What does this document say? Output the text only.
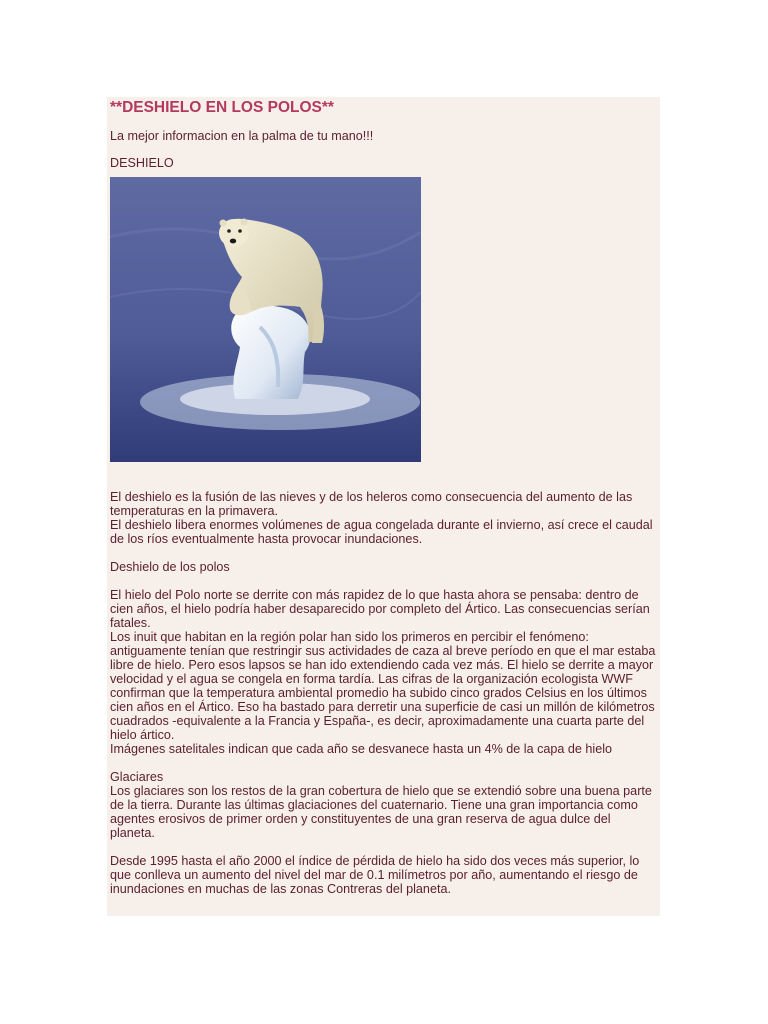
**DESHIELO EN LOS POLOS**
La mejor informacion en la palma de tu mano!!!
DESHIELO

El deshielo es la fusión de las nieves y de los heleros como consecuencia del aumento de las temperaturas en la primavera.
El deshielo libera enormes volúmenes de agua congelada durante el invierno, así crece el caudal de los ríos eventualmente hasta provocar inundaciones.

Deshielo de los polos

El hielo del Polo norte se derrite con más rapidez de lo que hasta ahora se pensaba: dentro de cien años, el hielo podría haber desaparecido por completo del Ártico. Las consecuencias serían fatales.
Los inuit que habitan en la región polar han sido los primeros en percibir el fenómeno: antiguamente tenían que restringir sus actividades de caza al breve período en que el mar estaba libre de hielo. Pero esos lapsos se han ido extendiendo cada vez más. El hielo se derrite a mayor velocidad y el agua se congela en forma tardía. Las cifras de la organización ecologista WWF confirman que la temperatura ambiental promedio ha subido cinco grados Celsius en los últimos cien años en el Ártico. Eso ha bastado para derretir una superficie de casi un millón de kilómetros cuadrados -equivalente a la Francia y España-, es decir, aproximadamente una cuarta parte del hielo ártico.
Imágenes satelitales indican que cada año se desvanece hasta un 4% de la capa de hielo

Glaciares
Los glaciares son los restos de la gran cobertura de hielo que se extendió sobre una buena parte de la tierra. Durante las últimas glaciaciones del cuaternario. Tiene una gran importancia como agentes erosivos de primer orden y constituyentes de una gran reserva de agua dulce del planeta.

Desde 1995 hasta el año 2000 el índice de pérdida de hielo ha sido dos veces más superior, lo que conlleva un aumento del nivel del mar de 0.1 milímetros por año, aumentando el riesgo de inundaciones en muchas de las zonas Contreras del planeta.
